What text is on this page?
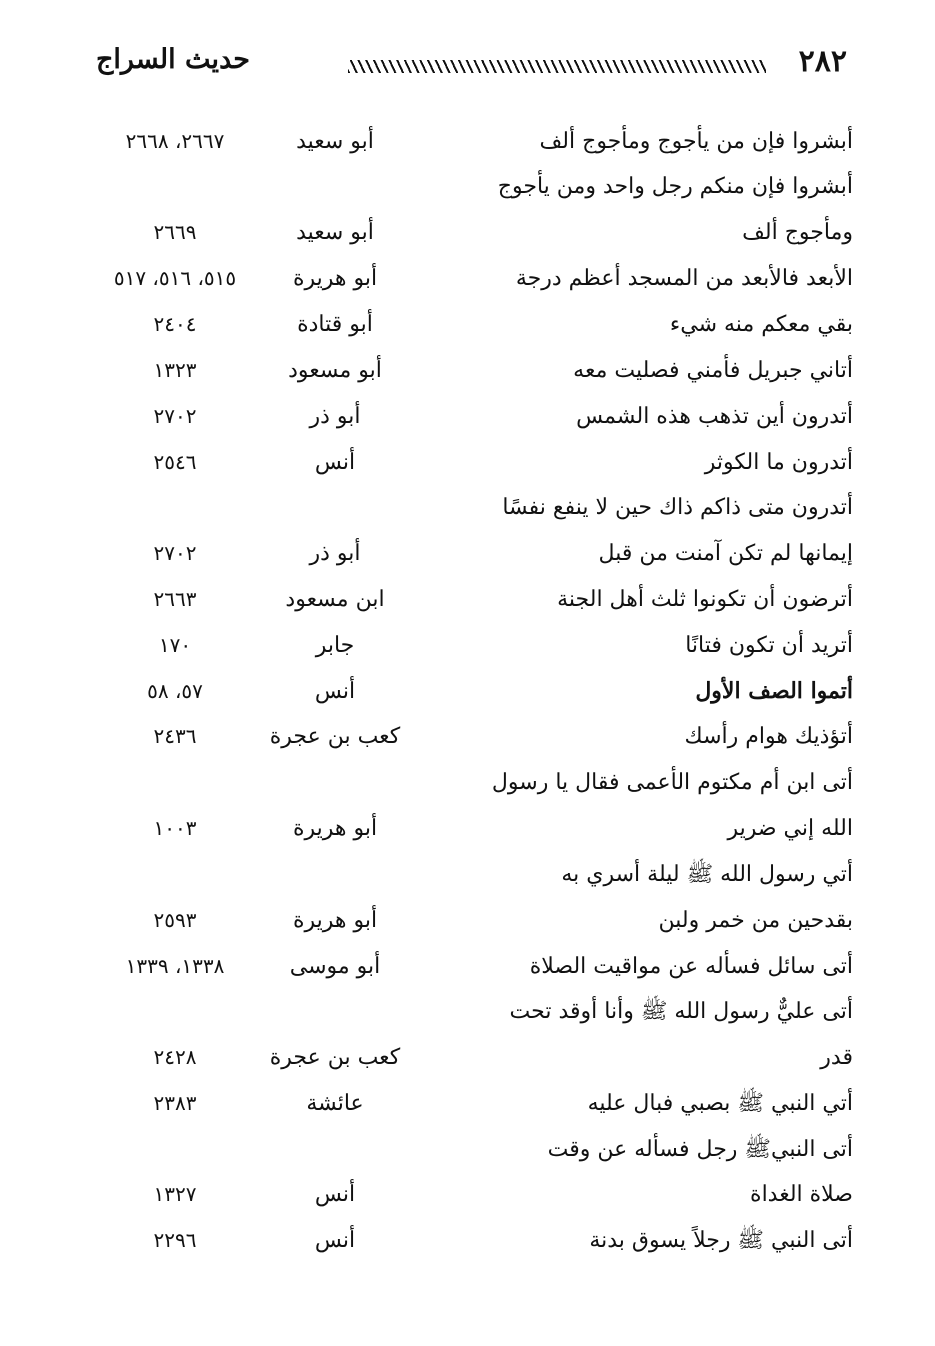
٢٨٢
حديث السراج
أبشروا فإن من يأجوج ومأجوج ألف
أبو سعيد
٢٦٦٧، ٢٦٦٨
أبشروا فإن منكم رجل واحد ومن يأجوج
ومأجوج ألف
أبو سعيد
٢٦٦٩
الأبعد فالأبعد من المسجد أعظم درجة
أبو هريرة
٥١٥، ٥١٦، ٥١٧
بقي معكم منه شيء
أبو قتادة
٢٤٠٤
أتاني جبريل فأمني فصليت معه
أبو مسعود
١٣٢٣
أتدرون أين تذهب هذه الشمس
أبو ذر
٢٧٠٢
أتدرون ما الكوثر
أنس
٢٥٤٦
أتدرون متى ذاكم ذاك حين لا ينفع نفسًا
إيمانها لم تكن آمنت من قبل
أبو ذر
٢٧٠٢
أترضون أن تكونوا ثلث أهل الجنة
ابن مسعود
٢٦٦٣
أتريد أن تكون فتانًا
جابر
١٧٠
أتموا الصف الأول
أنس
٥٧، ٥٨
أتؤذيك هوام رأسك
كعب بن عجرة
٢٤٣٦
أتى ابن أم مكتوم الأعمى فقال يا رسول
الله إني ضرير
أبو هريرة
١٠٠٣
أتي رسول الله ﷺ ليلة أسري به
بقدحين من خمر ولبن
أبو هريرة
٢٥٩٣
أتى سائل فسأله عن مواقيت الصلاة
أبو موسى
١٣٣٨، ١٣٣٩
أتى عليٌّ رسول الله ﷺ وأنا أوقد تحت
قدر
كعب بن عجرة
٢٤٢٨
أتي النبي ﷺ بصبي فبال عليه
عائشة
٢٣٨٣
أتى النبيﷺ رجل فسأله عن وقت
صلاة الغداة
أنس
١٣٢٧
أتى النبي ﷺ رجلاً يسوق بدنة
أنس
٢٢٩٦
